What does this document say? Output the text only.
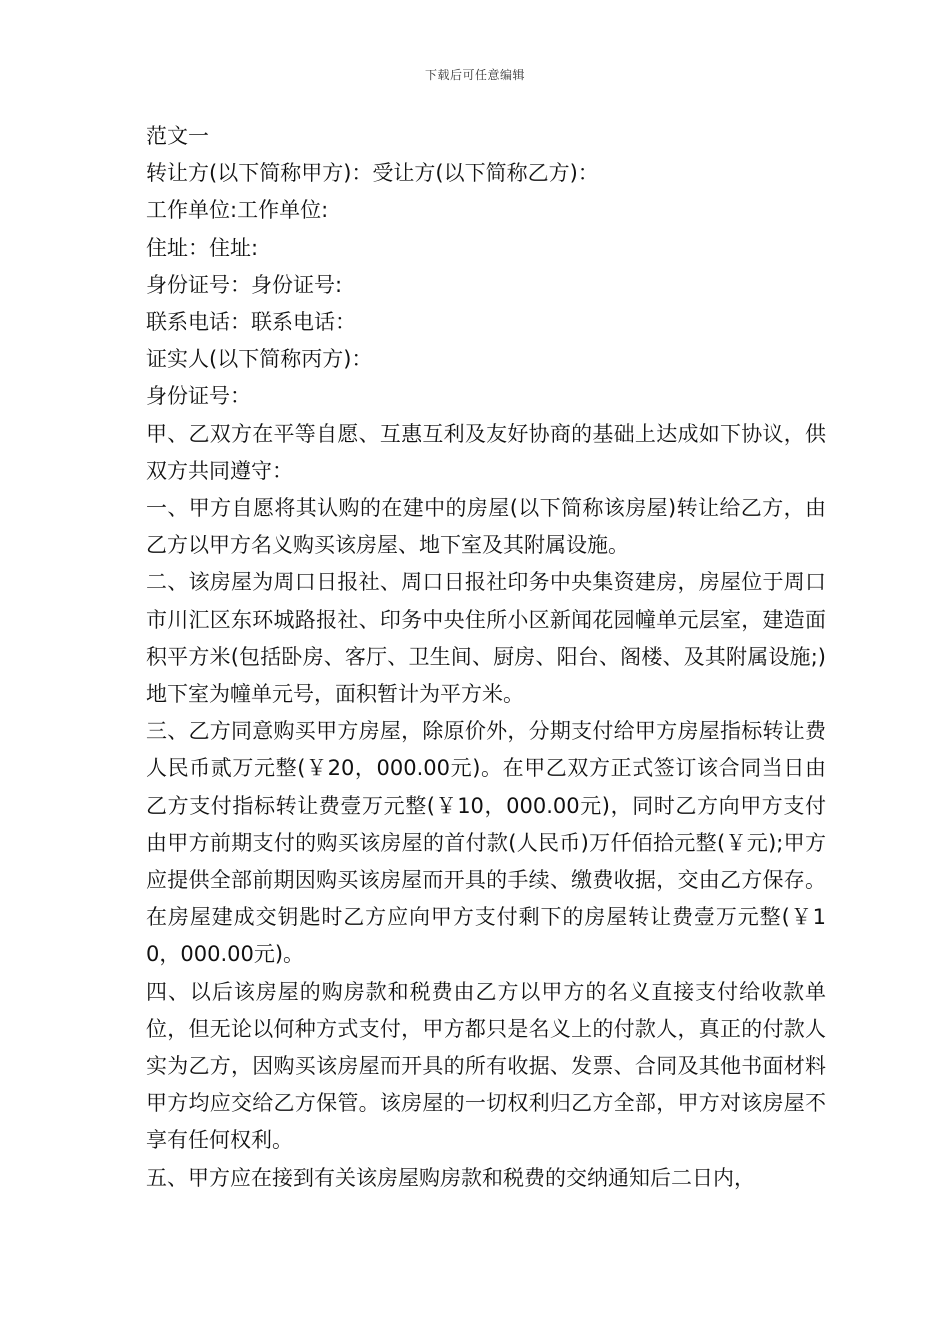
下载后可任意编辑

范文一

转让方(以下简称甲方)：受让方(以下简称乙方)：

工作单位:工作单位:

住址：住址:

身份证号：身份证号:

联系电话：联系电话：

证实人(以下简称丙方)：

身份证号：

甲、乙双方在平等自愿、互惠互利及友好协商的基础上达成如下协议，供双方共同遵守：

一、甲方自愿将其认购的在建中的房屋(以下简称该房屋)转让给乙方，由乙方以甲方名义购买该房屋、地下室及其附属设施。

二、该房屋为周口日报社、周口日报社印务中央集资建房，房屋位于周口市川汇区东环城路报社、印务中央住所小区新闻花园幢单元层室，建造面积平方米(包括卧房、客厅、卫生间、厨房、阳台、阁楼、及其附属设施;)地下室为幢单元号，面积暂计为平方米。

三、乙方同意购买甲方房屋，除原价外，分期支付给甲方房屋指标转让费人民币贰万元整(￥20，000.00元)。在甲乙双方正式签订该合同当日由乙方支付指标转让费壹万元整(￥10，000.00元)，同时乙方向甲方支付由甲方前期支付的购买该房屋的首付款(人民币)万仟佰拾元整(￥元);甲方应提供全部前期因购买该房屋而开具的手续、缴费收据，交由乙方保存。在房屋建成交钥匙时乙方应向甲方支付剩下的房屋转让费壹万元整(￥10，000.00元)。

四、以后该房屋的购房款和税费由乙方以甲方的名义直接支付给收款单位，但无论以何种方式支付，甲方都只是名义上的付款人，真正的付款人实为乙方，因购买该房屋而开具的所有收据、发票、合同及其他书面材料甲方均应交给乙方保管。该房屋的一切权利归乙方全部，甲方对该房屋不享有任何权利。

五、甲方应在接到有关该房屋购房款和税费的交纳通知后二日内，
